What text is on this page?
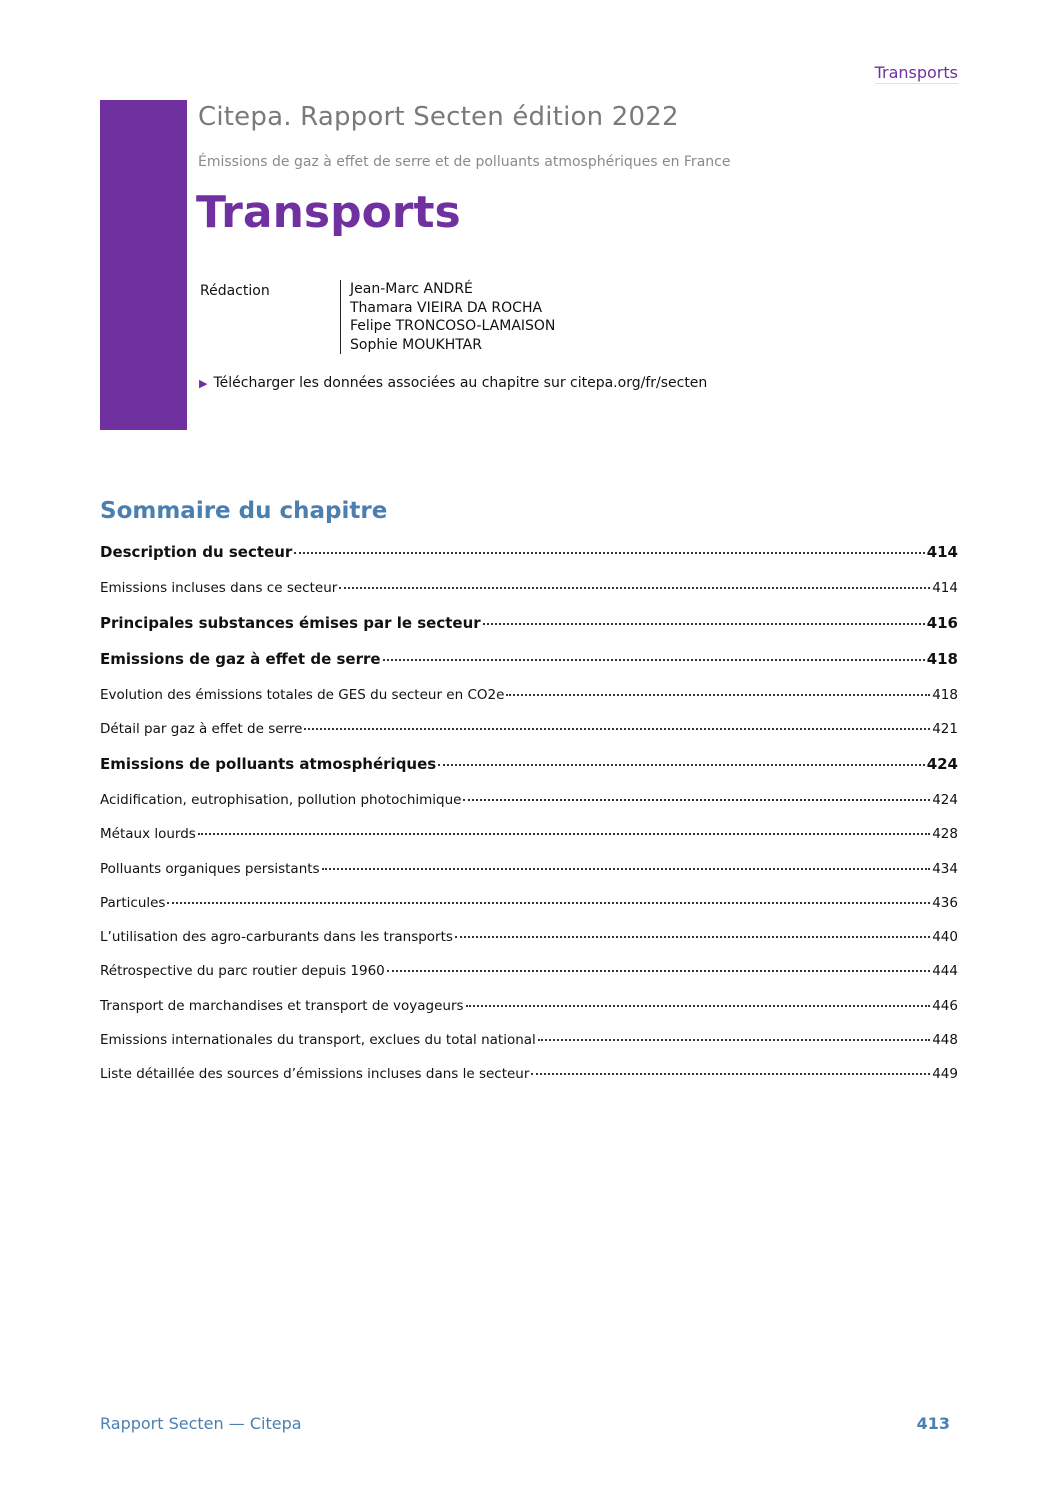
Transports
Citepa. Rapport Secten édition 2022
Émissions de gaz à effet de serre et de polluants atmosphériques en France
Transports
Rédaction	Jean-Marc ANDRÉ
Thamara VIEIRA DA ROCHA
Felipe TRONCOSO-LAMAISON
Sophie MOUKHTAR
▶ Télécharger les données associées au chapitre sur citepa.org/fr/secten
Sommaire du chapitre
Description du secteur	414
Emissions incluses dans ce secteur	414
Principales substances émises par le secteur	416
Emissions de gaz à effet de serre	418
Evolution des émissions totales de GES du secteur en CO2e	418
Détail par gaz à effet de serre	421
Emissions de polluants atmosphériques	424
Acidification, eutrophisation, pollution photochimique	424
Métaux lourds	428
Polluants organiques persistants	434
Particules	436
L’utilisation des agro-carburants dans les transports	440
Rétrospective du parc routier depuis 1960	444
Transport de marchandises et transport de voyageurs	446
Emissions internationales du transport, exclues du total national	448
Liste détaillée des sources d’émissions incluses dans le secteur	449
Rapport Secten — Citepa	413
